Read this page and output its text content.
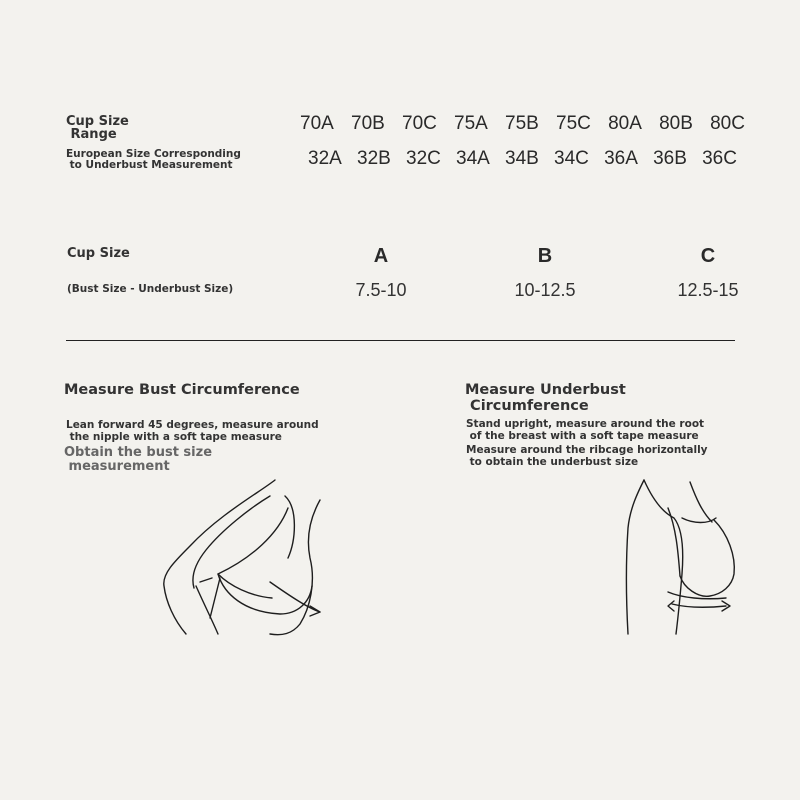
Cup Size
Range
European Size Corresponding
to Underbust Measurement
70A 70B 70C 75A 75B 75C 80A 80B 80C
32A 32B 32C 34A 34B 34C 36A 36B 36C
Cup Size
(Bust Size - Underbust Size)
A
7.5-10
B
10-12.5
C
12.5-15
Measure Bust Circumference
Lean forward 45 degrees, measure around
the nipple with a soft tape measure
Obtain the bust size
measurement
Measure Underbust
Circumference
Stand upright, measure around the root
of the breast with a soft tape measure
Measure around the ribcage horizontally
to obtain the underbust size
